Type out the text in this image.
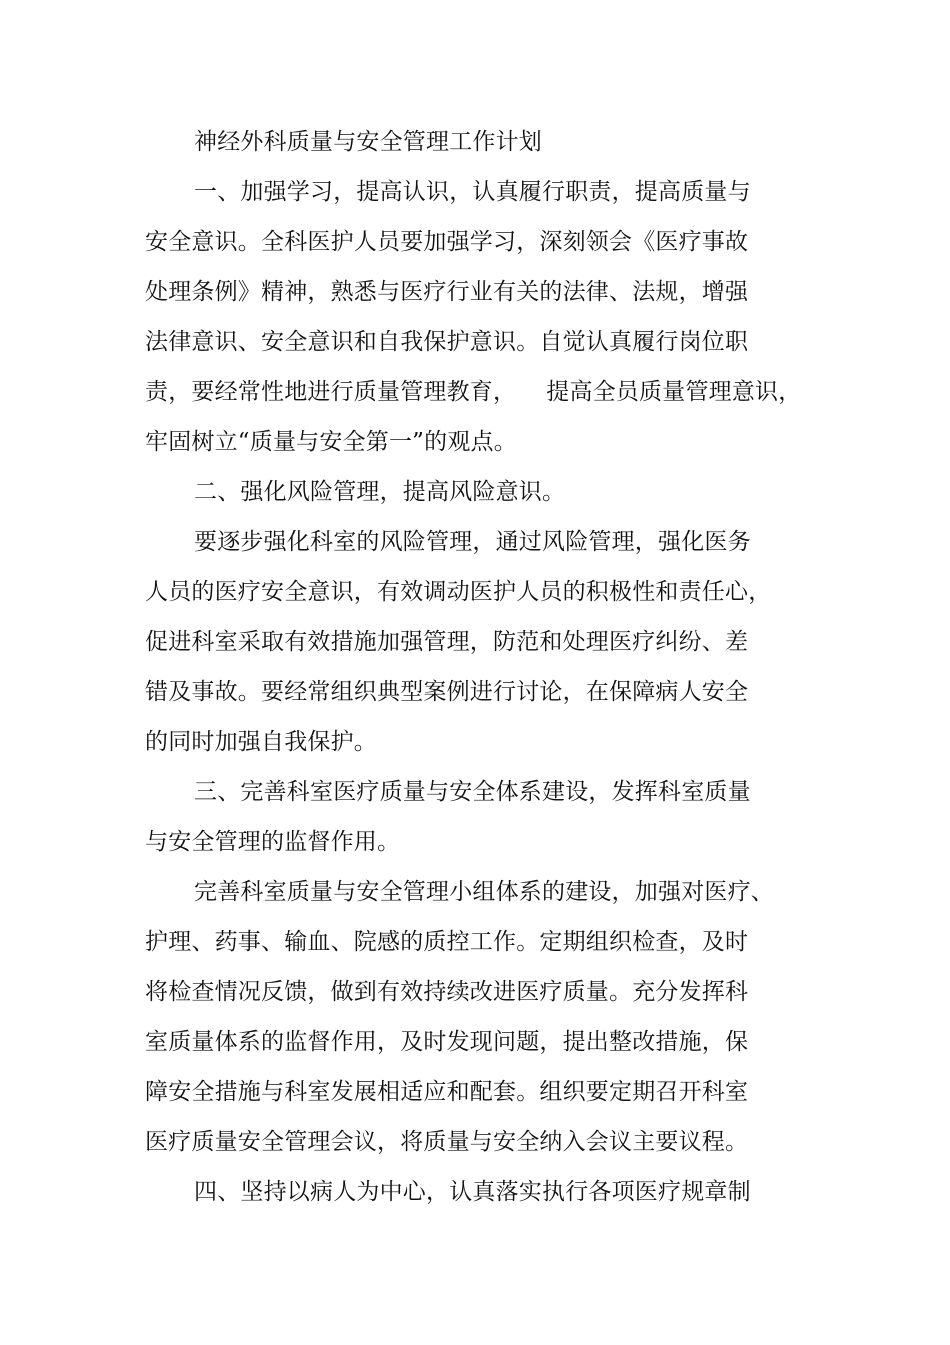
神经外科质量与安全管理工作计划
一、加强学习，提高认识，认真履行职责，提高质量与
安全意识。全科医护人员要加强学习，深刻领会《医疗事故
处理条例》精神，熟悉与医疗行业有关的法律、法规，增强
法律意识、安全意识和自我保护意识。自觉认真履行岗位职
责，要经常性地进行质量管理教育，    提高全员质量管理意识，
牢固树立“质量与安全第一”的观点。
二、强化风险管理，提高风险意识。
要逐步强化科室的风险管理，通过风险管理，强化医务
人员的医疗安全意识，有效调动医护人员的积极性和责任心，
促进科室采取有效措施加强管理，防范和处理医疗纠纷、差
错及事故。要经常组织典型案例进行讨论，在保障病人安全
的同时加强自我保护。
三、完善科室医疗质量与安全体系建设，发挥科室质量
与安全管理的监督作用。
完善科室质量与安全管理小组体系的建设，加强对医疗、
护理、药事、输血、院感的质控工作。定期组织检查，及时
将检查情况反馈，做到有效持续改进医疗质量。充分发挥科
室质量体系的监督作用，及时发现问题，提出整改措施，保
障安全措施与科室发展相适应和配套。组织要定期召开科室
医疗质量安全管理会议，将质量与安全纳入会议主要议程。
四、坚持以病人为中心，认真落实执行各项医疗规章制
